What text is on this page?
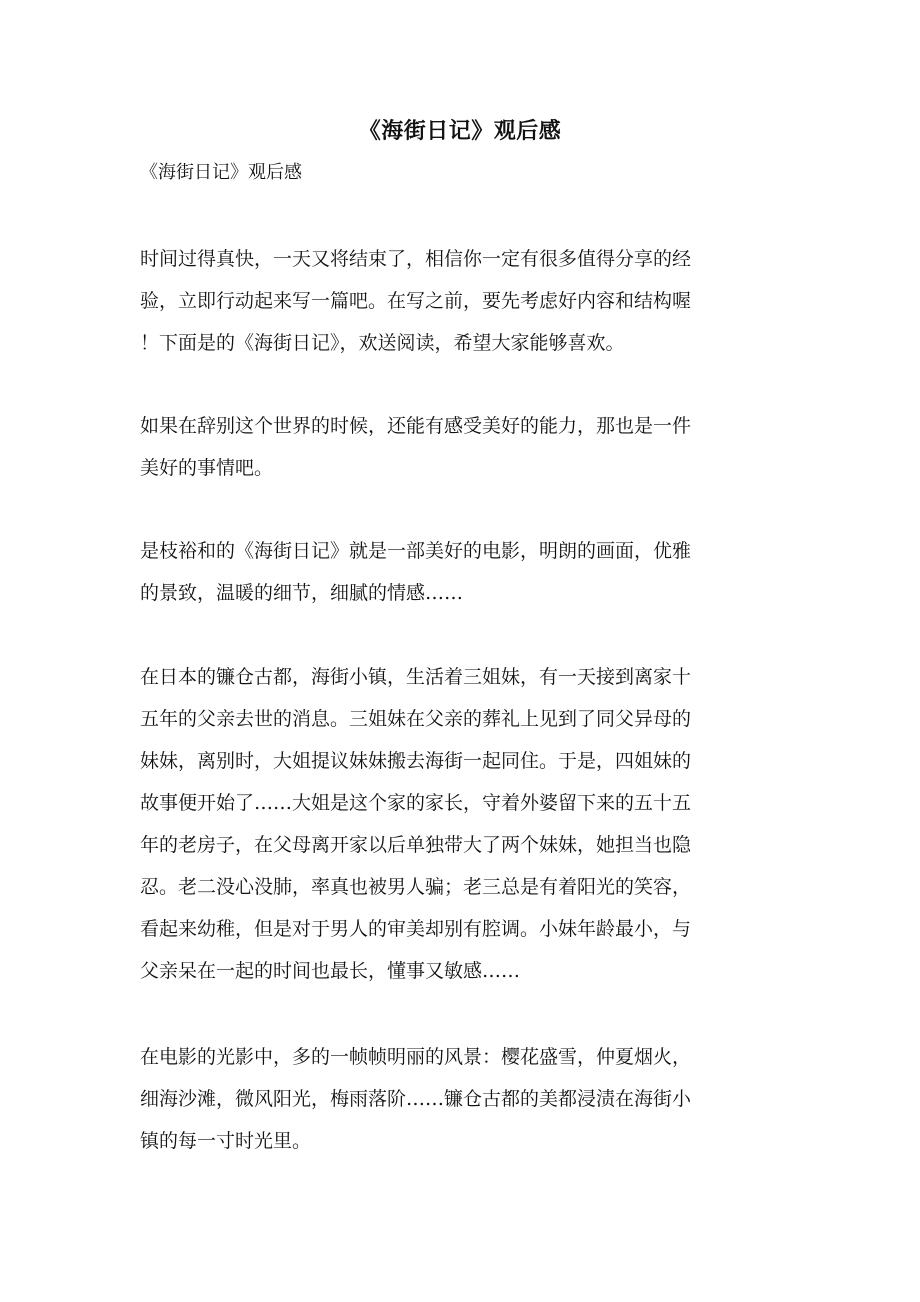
《海街日记》观后感
《海街日记》观后感
时间过得真快，一天又将结束了，相信你一定有很多值得分享的经
验，立即行动起来写一篇吧。在写之前，要先考虑好内容和结构喔
！下面是的《海街日记》，欢送阅读，希望大家能够喜欢。
如果在辞别这个世界的时候，还能有感受美好的能力，那也是一件
美好的事情吧。
是枝裕和的《海街日记》就是一部美好的电影，明朗的画面，优雅
的景致，温暖的细节，细腻的情感……
在日本的镰仓古都，海街小镇，生活着三姐妹，有一天接到离家十
五年的父亲去世的消息。三姐妹在父亲的葬礼上见到了同父异母的
妹妹，离别时，大姐提议妹妹搬去海街一起同住。于是，四姐妹的
故事便开始了……大姐是这个家的家长，守着外婆留下来的五十五
年的老房子，在父母离开家以后单独带大了两个妹妹，她担当也隐
忍。老二没心没肺，率真也被男人骗；老三总是有着阳光的笑容，
看起来幼稚，但是对于男人的审美却别有腔调。小妹年龄最小，与
父亲呆在一起的时间也最长，懂事又敏感……
在电影的光影中，多的一帧帧明丽的风景：樱花盛雪，仲夏烟火，
细海沙滩，微风阳光，梅雨落阶……镰仓古都的美都浸渍在海街小
镇的每一寸时光里。
